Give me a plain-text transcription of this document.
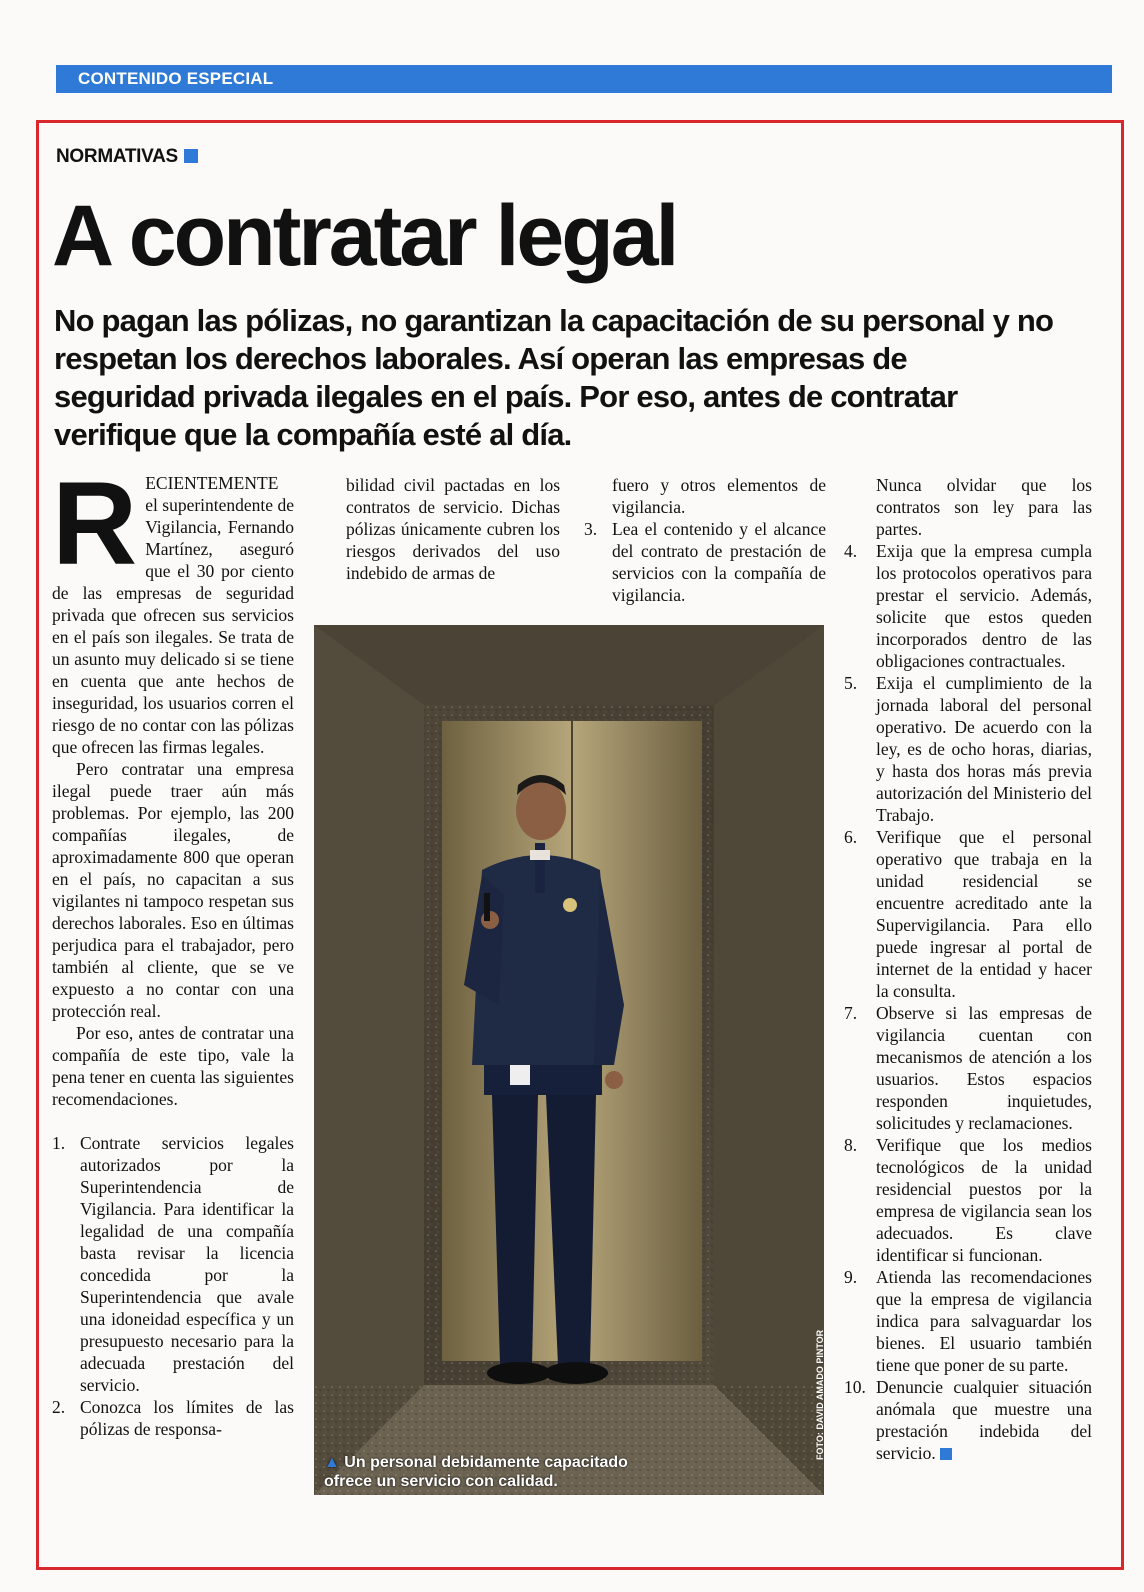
CONTENIDO ESPECIAL
NORMATIVAS
A contratar legal
No pagan las pólizas, no garantizan la capacitación de su personal y no respetan los derechos laborales. Así operan las empresas de seguridad privada ilegales en el país. Por eso, antes de contratar verifique que la compañía esté al día.

RECIENTEMENTE el superintendente de Vigilancia, Fernando Martínez, aseguró que el 30 por ciento de las empresas de seguridad privada que ofrecen sus servicios en el país son ilegales. Se trata de un asunto muy delicado si se tiene en cuenta que ante hechos de inseguridad, los usuarios corren el riesgo de no contar con las pólizas que ofrecen las firmas legales.

Pero contratar una empresa ilegal puede traer aún más problemas. Por ejemplo, las 200 compañías ilegales, de aproximadamente 800 que operan en el país, no capacitan a sus vigilantes ni tampoco respetan sus derechos laborales. Eso en últimas perjudica para el trabajador, pero también al cliente, que se ve expuesto a no contar con una protección real.

Por eso, antes de contratar una compañía de este tipo, vale la pena tener en cuenta las siguientes recomendaciones.

1. Contrate servicios legales autorizados por la Superintendencia de Vigilancia. Para identificar la legalidad de una compañía basta revisar la licencia concedida por la Superintendencia que avale una idoneidad específica y un presupuesto necesario para la adecuada prestación del servicio.
2. Conozca los límites de las pólizas de responsa-

bilidad civil pactadas en los contratos de servicio. Dichas pólizas únicamente cubren los riesgos derivados del uso indebido de armas de

fuero y otros elementos de vigilancia.
3. Lea el contenido y el alcance del contrato de prestación de servicios con la compañía de vigilancia.
▲ Un personal debidamente capacitado ofrece un servicio con calidad.
FOTO: DAVID AMADO PINTOR
Nunca olvidar que los contratos son ley para las partes.
4. Exija que la empresa cumpla los protocolos operativos para prestar el servicio. Además, solicite que estos queden incorporados dentro de las obligaciones contractuales.
5. Exija el cumplimiento de la jornada laboral del personal operativo. De acuerdo con la ley, es de ocho horas, diarias, y hasta dos horas más previa autorización del Ministerio del Trabajo.
6. Verifique que el personal operativo que trabaja en la unidad residencial se encuentre acreditado ante la Supervigilancia. Para ello puede ingresar al portal de internet de la entidad y hacer la consulta.
7. Observe si las empresas de vigilancia cuentan con mecanismos de atención a los usuarios. Estos espacios responden inquietudes, solicitudes y reclamaciones.
8. Verifique que los medios tecnológicos de la unidad residencial puestos por la empresa de vigilancia sean los adecuados. Es clave identificar si funcionan.
9. Atienda las recomendaciones que la empresa de vigilancia indica para salvaguardar los bienes. El usuario también tiene que poner de su parte.
10. Denuncie cualquier situación anómala que muestre una prestación indebida del servicio.
